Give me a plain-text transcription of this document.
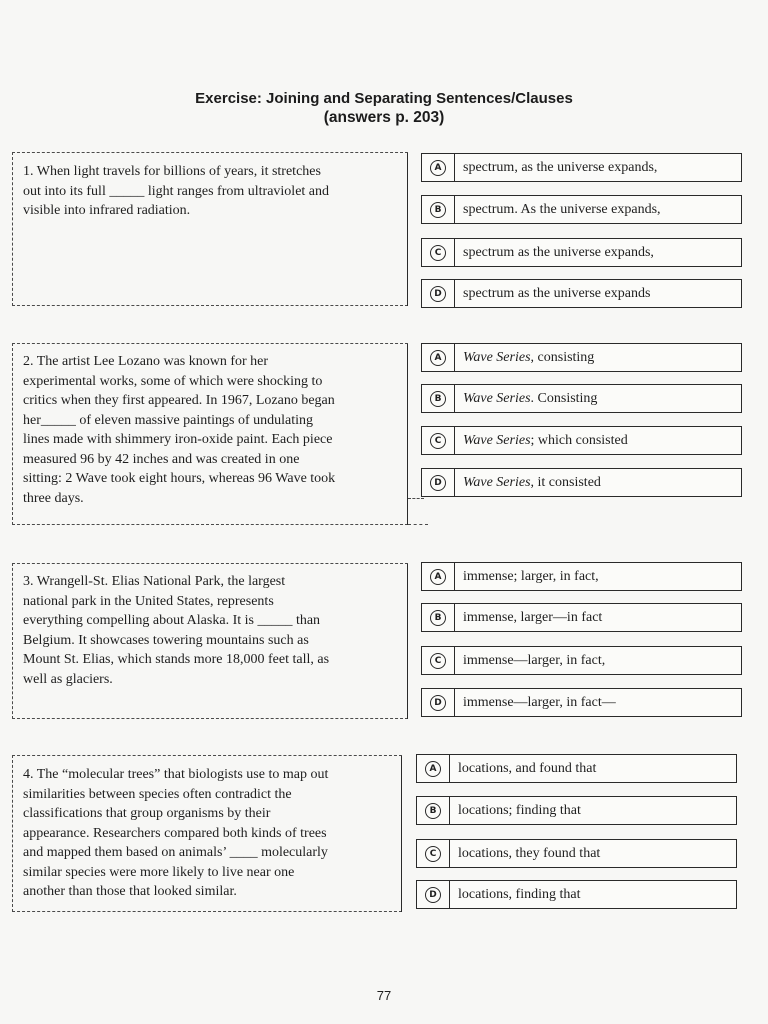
Exercise: Joining and Separating Sentences/Clauses
(answers p. 203)
1. When light travels for billions of years, it stretches
out into its full _____ light ranges from ultraviolet and
visible into infrared radiation.
A	spectrum, as the universe expands,
B	spectrum. As the universe expands,
C	spectrum as the universe expands,
D	spectrum as the universe expands
2. The artist Lee Lozano was known for her
experimental works, some of which were shocking to
critics when they first appeared. In 1967, Lozano began
her_____ of eleven massive paintings of undulating
lines made with shimmery iron-oxide paint. Each piece
measured 96 by 42 inches and was created in one
sitting: 2 Wave took eight hours, whereas 96 Wave took
three days.
A	Wave Series, consisting
B	Wave Series. Consisting
C	Wave Series; which consisted
D	Wave Series, it consisted
3. Wrangell-St. Elias National Park, the largest
national park in the United States, represents
everything compelling about Alaska. It is _____ than
Belgium. It showcases towering mountains such as
Mount St. Elias, which stands more 18,000 feet tall, as
well as glaciers.
A	immense; larger, in fact,
B	immense, larger—in fact
C	immense—larger, in fact,
D	immense—larger, in fact—
4. The “molecular trees” that biologists use to map out
similarities between species often contradict the
classifications that group organisms by their
appearance. Researchers compared both kinds of trees
and mapped them based on animals’ ____ molecularly
similar species were more likely to live near one
another than those that looked similar.
A	locations, and found that
B	locations; finding that
C	locations, they found that
D	locations, finding that
77
